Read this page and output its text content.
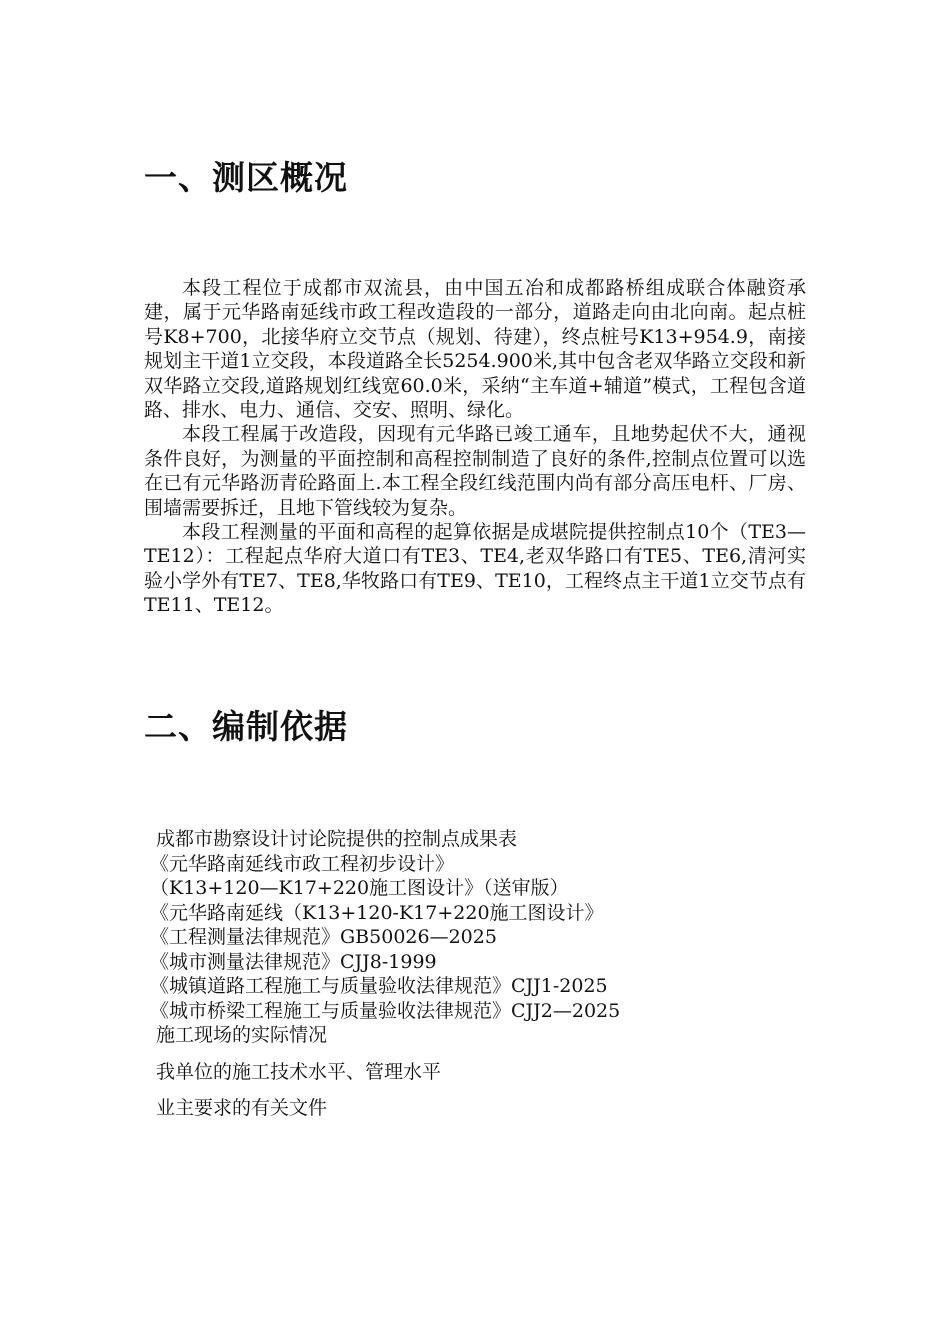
一、测区概况

本段工程位于成都市双流县，由中国五冶和成都路桥组成联合体融资承建，属于元华路南延线市政工程改造段的一部分，道路走向由北向南。起点桩号K8+700，北接华府立交节点（规划、待建），终点桩号K13+954.9，南接规划主干道1立交段，本段道路全长5254.900米,其中包含老双华路立交段和新双华路立交段,道路规划红线宽60.0米，采纳“主车道+辅道”模式，工程包含道路、排水、电力、通信、交安、照明、绿化。

本段工程属于改造段，因现有元华路已竣工通车，且地势起伏不大，通视条件良好，为测量的平面控制和高程控制制造了良好的条件,控制点位置可以选在已有元华路沥青砼路面上.本工程全段红线范围内尚有部分高压电杆、厂房、围墙需要拆迁，且地下管线较为复杂。

本段工程测量的平面和高程的起算依据是成堪院提供控制点10个（TE3—TE12）：工程起点华府大道口有TE3、TE4,老双华路口有TE5、TE6,清河实验小学外有TE7、TE8,华牧路口有TE9、TE10，工程终点主干道1立交节点有TE11、TE12。

二、编制依据
成都市勘察设计讨论院提供的控制点成果表
《元华路南延线市政工程初步设计》
（K13+120—K17+220施工图设计》（送审版）
《元华路南延线（K13+120-K17+220施工图设计》
《工程测量法律规范》GB50026—2025
《城市测量法律规范》CJJ8-1999
《城镇道路工程施工与质量验收法律规范》CJJ1-2025
《城市桥梁工程施工与质量验收法律规范》CJJ2—2025
施工现场的实际情况
我单位的施工技术水平、管理水平
业主要求的有关文件
